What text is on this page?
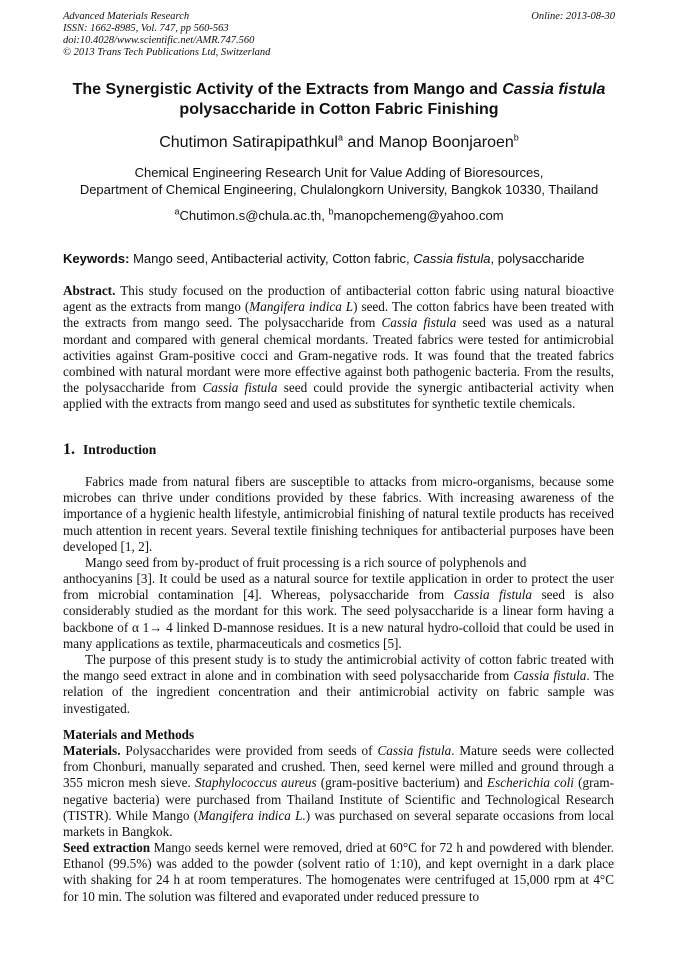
Advanced Materials Research
ISSN: 1662-8985, Vol. 747, pp 560-563
doi:10.4028/www.scientific.net/AMR.747.560
© 2013 Trans Tech Publications Ltd, Switzerland
Online: 2013-08-30
The Synergistic Activity of the Extracts from Mango and Cassia fistula
polysaccharide in Cotton Fabric Finishing
Chutimon Satirapipathkul$^a$ and Manop Boonjaroen$^b$
Chemical Engineering Research Unit for Value Adding of Bioresources,
Department of Chemical Engineering, Chulalongkorn University, Bangkok 10330, Thailand
$^a$Chutimon.s@chula.ac.th, $^b$manopchemeng@yahoo.com
Keywords: Mango seed, Antibacterial activity, Cotton fabric, Cassia fistula, polysaccharide
Abstract. This study focused on the production of antibacterial cotton fabric using natural bioactive agent as the extracts from mango (Mangifera indica L) seed. The cotton fabrics have been treated with the extracts from mango seed. The polysaccharide from Cassia fistula seed was used as a natural mordant and compared with general chemical mordants. Treated fabrics were tested for antimicrobial activities against Gram-positive cocci and Gram-negative rods. It was found that the treated fabrics combined with natural mordant were more effective against both pathogenic bacteria. From the results, the polysaccharide from Cassia fistula seed could provide the synergic antibacterial activity when applied with the extracts from mango seed and used as substitutes for synthetic textile chemicals.
1. Introduction
Fabrics made from natural fibers are susceptible to attacks from micro-organisms, because some microbes can thrive under conditions provided by these fabrics. With increasing awareness of the importance of a hygienic health lifestyle, antimicrobial finishing of natural textile products has received much attention in recent years. Several textile finishing techniques for antibacterial purposes have been developed [1, 2].
Mango seed from by-product of fruit processing is a rich source of polyphenols and
anthocyanins [3]. It could be used as a natural source for textile application in order to protect the user from microbial contamination [4]. Whereas, polysaccharide from Cassia fistula seed is also considerably studied as the mordant for this work. The seed polysaccharide is a linear form having a backbone of α 1→ 4 linked D-mannose residues. It is a new natural hydro-colloid that could be used in many applications as textile, pharmaceuticals and cosmetics [5].
The purpose of this present study is to study the antimicrobial activity of cotton fabric treated with the mango seed extract in alone and in combination with seed polysaccharide from Cassia fistula. The relation of the ingredient concentration and their antimicrobial activity on fabric sample was investigated.
Materials and Methods
Materials. Polysaccharides were provided from seeds of Cassia fistula. Mature seeds were collected from Chonburi, manually separated and crushed. Then, seed kernel were milled and ground through a 355 micron mesh sieve. Staphylococcus aureus (gram-positive bacterium) and Escherichia coli (gram-negative bacteria) were purchased from Thailand Institute of Scientific and Technological Research (TISTR). While Mango (Mangifera indica L.) was purchased on several separate occasions from local markets in Bangkok.
Seed extraction Mango seeds kernel were removed, dried at 60°C for 72 h and powdered with blender. Ethanol (99.5%) was added to the powder (solvent ratio of 1:10), and kept overnight in a dark place with shaking for 24 h at room temperatures. The homogenates were centrifuged at 15,000 rpm at 4°C for 10 min. The solution was filtered and evaporated under reduced pressure to
